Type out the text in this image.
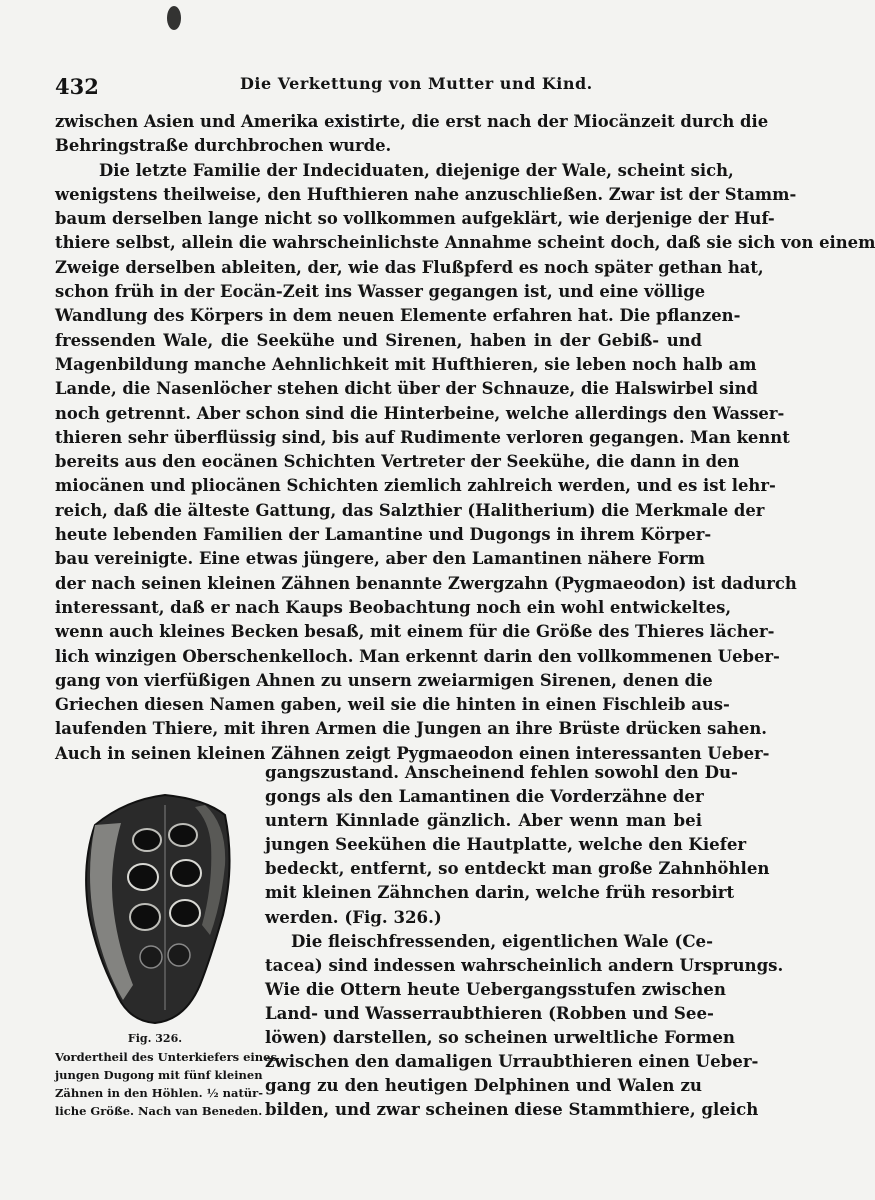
432	Die Verkettung von Mutter und Kind.
zwischen Asien und Amerika existirte, die erst nach der Miocänzeit durch die
Behringstraße durchbrochen wurde.
Die letzte Familie der Indeciduaten, diejenige der Wale, scheint sich,
wenigstens theilweise, den Hufthieren nahe anzuschließen. Zwar ist der Stamm-
baum derselben lange nicht so vollkommen aufgeklärt, wie derjenige der Huf-
thiere selbst, allein die wahrscheinlichste Annahme scheint doch, daß sie sich von einem
Zweige derselben ableiten, der, wie das Flußpferd es noch später gethan hat,
schon früh in der Eocän-Zeit ins Wasser gegangen ist, und eine völlige
Wandlung des Körpers in dem neuen Elemente erfahren hat. Die pflanzen-
fressenden Wale, die Seekühe und Sirenen, haben in der Gebiß- und
Magenbildung manche Aehnlichkeit mit Hufthieren, sie leben noch halb am
Lande, die Nasenlöcher stehen dicht über der Schnauze, die Halswirbel sind
noch getrennt. Aber schon sind die Hinterbeine, welche allerdings den Wasser-
thieren sehr überflüssig sind, bis auf Rudimente verloren gegangen. Man kennt
bereits aus den eocänen Schichten Vertreter der Seekühe, die dann in den
miocänen und pliocänen Schichten ziemlich zahlreich werden, und es ist lehr-
reich, daß die älteste Gattung, das Salzthier (Halitherium) die Merkmale der
heute lebenden Familien der Lamantine und Dugongs in ihrem Körper-
bau vereinigte. Eine etwas jüngere, aber den Lamantinen nähere Form
der nach seinen kleinen Zähnen benannte Zwergzahn (Pygmaeodon) ist dadurch
interessant, daß er nach Kaups Beobachtung noch ein wohl entwickeltes,
wenn auch kleines Becken besaß, mit einem für die Größe des Thieres lächer-
lich winzigen Oberschenkelloch. Man erkennt darin den vollkommenen Ueber-
gang von vierfüßigen Ahnen zu unsern zweiarmigen Sirenen, denen die
Griechen diesen Namen gaben, weil sie die hinten in einen Fischleib aus-
laufenden Thiere, mit ihren Armen die Jungen an ihre Brüste drücken sahen.
Auch in seinen kleinen Zähnen zeigt Pygmaeodon einen interessanten Ueber-
gangszustand. Anscheinend fehlen sowohl den Du-
gongs als den Lamantinen die Vorderzähne der
untern Kinnlade gänzlich. Aber wenn man bei
jungen Seekühen die Hautplatte, welche den Kiefer
bedeckt, entfernt, so entdeckt man große Zahnhöhlen
mit kleinen Zähnchen darin, welche früh resorbirt
werden. (Fig. 326.)
Die fleischfressenden, eigentlichen Wale (Ce-
tacea) sind indessen wahrscheinlich andern Ursprungs.
Wie die Ottern heute Uebergangsstufen zwischen
Land- und Wasserraubthieren (Robben und See-
löwen) darstellen, so scheinen urweltliche Formen
zwischen den damaligen Urraubthieren einen Ueber-
gang zu den heutigen Delphinen und Walen zu
bilden, und zwar scheinen diese Stammthiere, gleich
Fig. 326.
Vordertheil des Unterkiefers eines
jungen Dugong mit fünf kleinen
Zähnen in den Höhlen. ½ natür-
liche Größe. Nach van Beneden.
